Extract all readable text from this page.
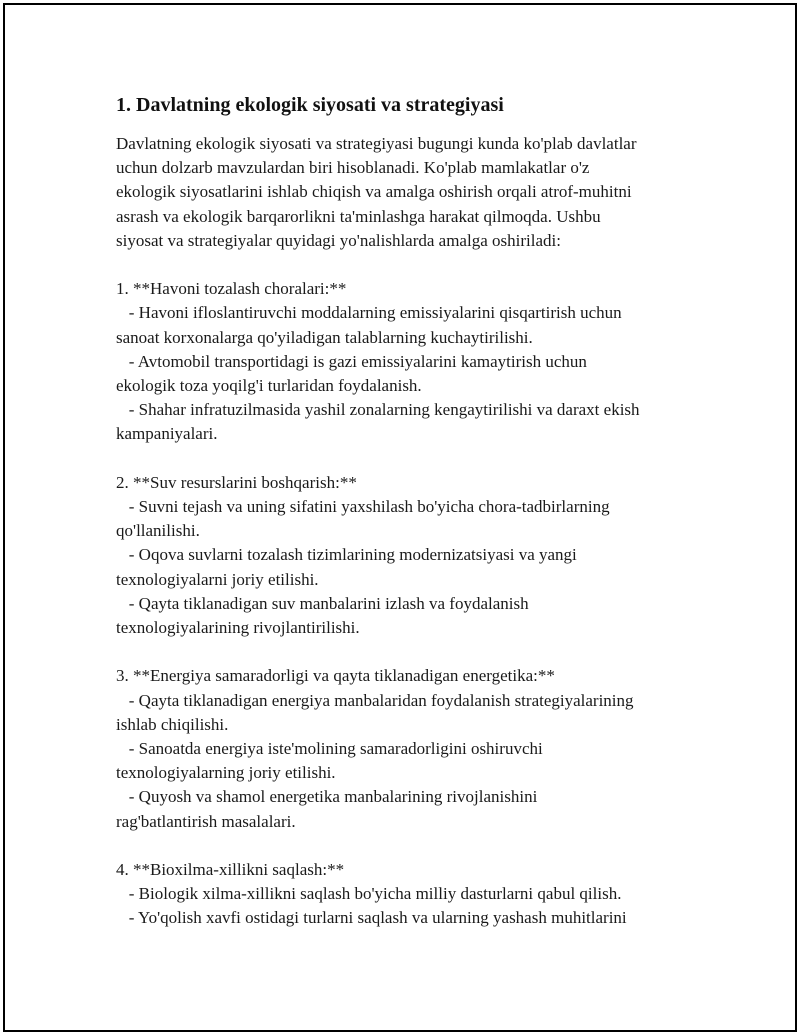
1. Davlatning ekologik siyosati va strategiyasi

Davlatning ekologik siyosati va strategiyasi bugungi kunda ko'plab davlatlar
uchun dolzarb mavzulardan biri hisoblanadi. Ko'plab mamlakatlar o'z
ekologik siyosatlarini ishlab chiqish va amalga oshirish orqali atrof-muhitni
asrash va ekologik barqarorlikni ta'minlashga harakat qilmoqda. Ushbu
siyosat va strategiyalar quyidagi yo'nalishlarda amalga oshiriladi:

1. **Havoni tozalash choralari:**

- Havoni ifloslantiruvchi moddalarning emissiyalarini qisqartirish uchun
sanoat korxonalarga qo'yiladigan talablarning kuchaytirilishi.

- Avtomobil transportidagi is gazi emissiyalarini kamaytirish uchun
ekologik toza yoqilg'i turlaridan foydalanish.

- Shahar infratuzilmasida yashil zonalarning kengaytirilishi va daraxt ekish
kampaniyalari.

2. **Suv resurslarini boshqarish:**

- Suvni tejash va uning sifatini yaxshilash bo'yicha chora-tadbirlarning
qo'llanilishi.

- Oqova suvlarni tozalash tizimlarining modernizatsiyasi va yangi
texnologiyalarni joriy etilishi.

- Qayta tiklanadigan suv manbalarini izlash va foydalanish
texnologiyalarining rivojlantirilishi.

3. **Energiya samaradorligi va qayta tiklanadigan energetika:**

- Qayta tiklanadigan energiya manbalaridan foydalanish strategiyalarining
ishlab chiqilishi.

- Sanoatda energiya iste'molining samaradorligini oshiruvchi
texnologiyalarning joriy etilishi.

- Quyosh va shamol energetika manbalarining rivojlanishini
rag'batlantirish masalalari.

4. **Bioxilma-xillikni saqlash:**

- Biologik xilma-xillikni saqlash bo'yicha milliy dasturlarni qabul qilish.

- Yo'qolish xavfi ostidagi turlarni saqlash va ularning yashash muhitlarini
